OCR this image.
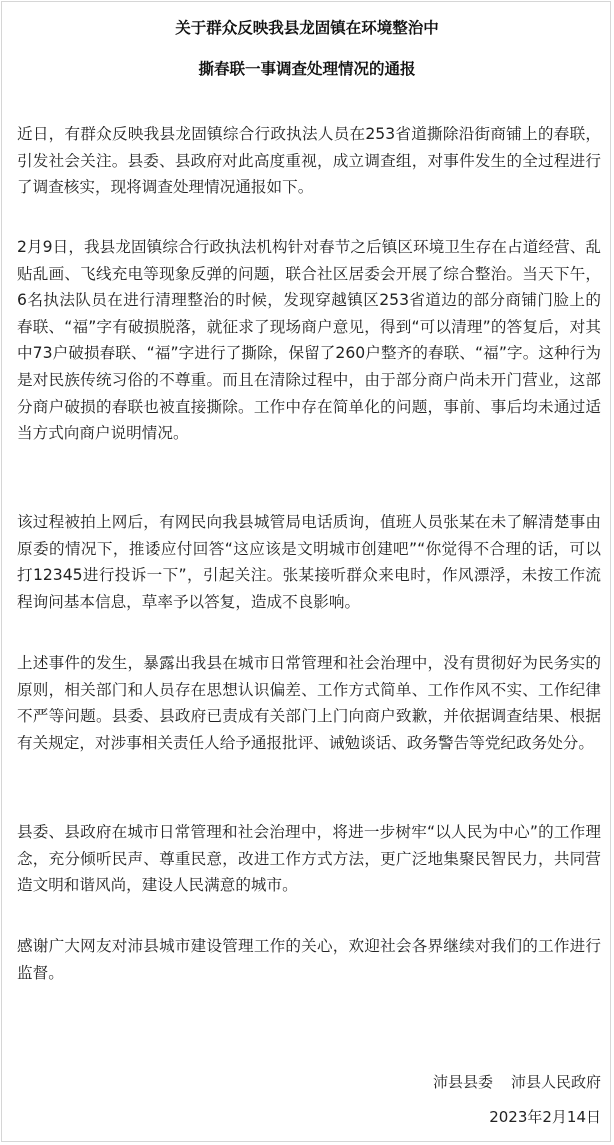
关于群众反映我县龙固镇在环境整治中
撕春联一事调查处理情况的通报
近日，有群众反映我县龙固镇综合行政执法人员在253省道撕除沿街商铺上的春联，引发社会关注。县委、县政府对此高度重视，成立调查组，对事件发生的全过程进行了调查核实，现将调查处理情况通报如下。
2月9日，我县龙固镇综合行政执法机构针对春节之后镇区环境卫生存在占道经营、乱贴乱画、飞线充电等现象反弹的问题，联合社区居委会开展了综合整治。当天下午，6名执法队员在进行清理整治的时候，发现穿越镇区253省道边的部分商铺门脸上的春联、“福”字有破损脱落，就征求了现场商户意见，得到“可以清理”的答复后，对其中73户破损春联、“福”字进行了撕除，保留了260户整齐的春联、“福”字。这种行为是对民族传统习俗的不尊重。而且在清除过程中，由于部分商户尚未开门营业，这部分商户破损的春联也被直接撕除。工作中存在简单化的问题，事前、事后均未通过适当方式向商户说明情况。
该过程被拍上网后，有网民向我县城管局电话质询，值班人员张某在未了解清楚事由原委的情况下，推诿应付回答“这应该是文明城市创建吧”“你觉得不合理的话，可以打12345进行投诉一下”，引起关注。张某接听群众来电时，作风漂浮，未按工作流程询问基本信息，草率予以答复，造成不良影响。
上述事件的发生，暴露出我县在城市日常管理和社会治理中，没有贯彻好为民务实的原则，相关部门和人员存在思想认识偏差、工作方式简单、工作作风不实、工作纪律不严等问题。县委、县政府已责成有关部门上门向商户致歉，并依据调查结果、根据有关规定，对涉事相关责任人给予通报批评、诫勉谈话、政务警告等党纪政务处分。
县委、县政府在城市日常管理和社会治理中，将进一步树牢“以人民为中心”的工作理念，充分倾听民声、尊重民意，改进工作方式方法，更广泛地集聚民智民力，共同营造文明和谐风尚，建设人民满意的城市。
感谢广大网友对沛县城市建设管理工作的关心，欢迎社会各界继续对我们的工作进行监督。
沛县县委 沛县人民政府
2023年2月14日
